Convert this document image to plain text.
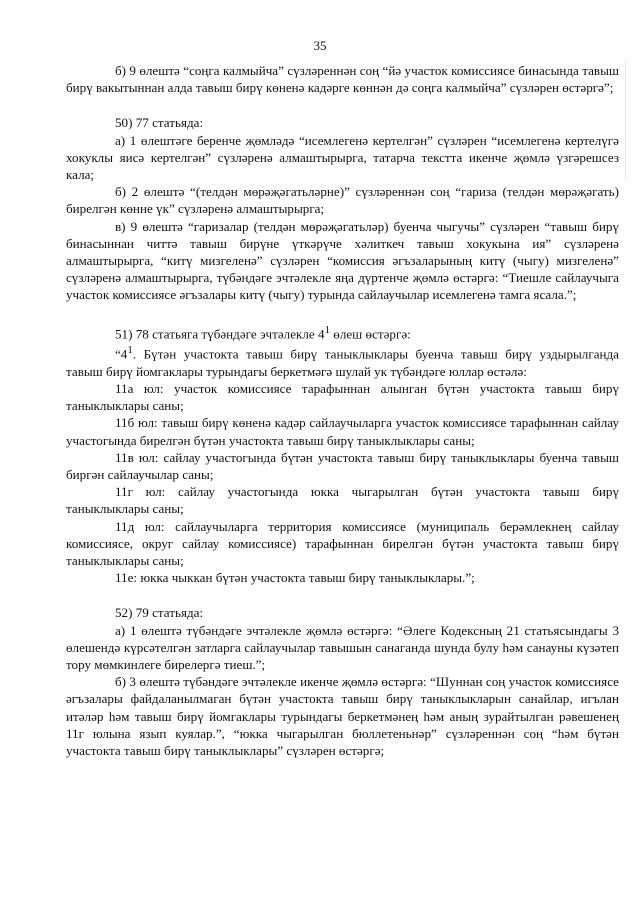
35

б) 9 өлештә “соңга калмыйча” сүзләреннән соң “йә участок комиссиясе бинасында тавыш бирү вакытыннан алда тавыш бирү көненә кадәрге көннән дә соңга калмыйча” сүзләрен өстәргә”;

50) 77 статьяда:

а) 1 өлештәге беренче җөмләдә “исемлегенә кертелгән” сүзләрен “исемлегенә кертелүгә хокуклы яисә кертелгән” сүзләренә алмаштырырга, татарча текстта икенче җөмлә үзгәрешсез кала;

б) 2 өлештә “(телдән мөрәҗәгатьләрне)” сүзләреннән соң “гариза (телдән мөрәҗәгать) бирелгән көнне үк” сүзләренә алмаштырырга;

в) 9 өлештә “гаризалар (телдән мөрәҗәгатьләр) буенча чыгучы” сүзләрен “тавыш бирү бинасыннан читтә тавыш бирүне үткәрүче хәлиткеч тавыш хокукына ия” сүзләренә алмаштырырга, “китү мизгеленә” сүзләрен “комиссия әгъзаларының китү (чыгу) мизгеленә” сүзләренә алмаштырырга, түбәндәге эчтәлекле яңа дүртенче җөмлә өстәргә: “Тиешле сайлаучыга участок комиссиясе әгъзалары китү (чыгу) турында сайлаучылар исемлегенә тамга ясала.”;

51) 78 статьяга түбәндәге эчтәлекле $4^1$ өлеш өстәргә:

“$4^1$. Бүтән участокта тавыш бирү таныклыклары буенча тавыш бирү уздырылганда тавыш бирү йомгаклары турындагы беркетмәгә шулай ук түбәндәге юллар өстәлә:

11а юл: участок комиссиясе тарафыннан алынган бүтән участокта тавыш бирү таныклыклары саны;

11б юл: тавыш бирү көненә кадәр сайлаучыларга участок комиссиясе тарафыннан сайлау участогында бирелгән бүтән участокта тавыш бирү таныклыклары саны;

11в юл: сайлау участогында бүтән участокта тавыш бирү таныклыклары буенча тавыш биргән сайлаучылар саны;

11г юл: сайлау участогында юкка чыгарылган бүтән участокта тавыш бирү таныклыклары саны;

11д юл: сайлаучыларга территория комиссиясе (муниципаль берәмлекнең сайлау комиссиясе, округ сайлау комиссиясе) тарафыннан бирелгән бүтән участокта тавыш бирү таныклыклары саны;

11е: юкка чыккан бүтән участокта тавыш бирү таныклыклары.”;

52) 79 статьяда:

а) 1 өлештә түбәндәге эчтәлекле җөмлә өстәргә: “Әлеге Кодексның 21 статьясындагы 3 өлешендә күрсәтелгән затларга сайлаучылар тавышын санаганда шунда булу һәм санауны күзәтеп тору мөмкинлеге бирелергә тиеш.”;

б) 3 өлештә түбәндәге эчтәлекле икенче җөмлә өстәргә: “Шуннан соң участок комиссиясе әгъзалары файдаланылмаган бүтән участокта тавыш бирү таныклыкларын санайлар, игълан итәләр һәм тавыш бирү йомгаклары турындагы беркетмәнең һәм аның зурайтылган рәвешенең 11г юлына язып куялар.”, “юкка чыгарылган бюллетеньнәр” сүзләреннән соң “һәм бүтән участокта тавыш бирү таныклыклары” сүзләрен өстәргә;
